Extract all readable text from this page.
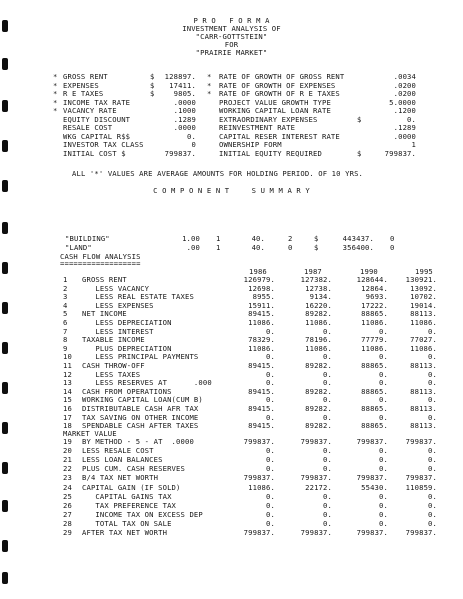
P R O   F O R M A
INVESTMENT ANALYSIS OF
"CARR-GOTTSTEIN"
FOR
"PRAIRIE MARKET"
* GROSS RENT	$	128897.
* EXPENSES	$	17411.
* R E TAXES	$	9805.
* INCOME TAX RATE	.0000
* VACANCY RATE	.1000
EQUITY DISCOUNT	.1289
RESALE COST	.0000
WKG CAPITAL R$$	0.
INVESTOR TAX CLASS	0
INITIAL COST $	799837.
* RATE OF GROWTH OF GROSS RENT	.0034
* RATE OF GROWTH OF EXPENSES	.0200
* RATE OF GROWTH OF R E TAXES	.0200
PROJECT VALUE GROWTH TYPE	5.0000
WORKING CAPITAL LOAN RATE	.1200
EXTRAORDINARY EXPENSES	$	0.
REINVESTMENT RATE	.1289
CAPITAL RESER INTEREST RATE	.0000
OWNERSHIP FORM	1
INITIAL EQUITY REQUIRED	$	799837.
ALL '*' VALUES ARE AVERAGE AMOUNTS FOR HOLDING PERIOD. OF 10 YRS.
C O M P O N E N T     S U M M A R Y
"BUILDING"	1.00 1	40.	2	$	443437. 0
"LAND"	.00 1	40.	0	$	356400. 0
CASH FLOW ANALYSIS
==================
1986	1987	1990	1995
1 GROSS RENT	126979.	127382.	128644.	130921.
2 LESS VACANCY	12698.	12738.	12864.	13092.
3 LESS REAL ESTATE TAXES	8955.	9134.	9693.	10702.
4 LESS EXPENSES	15911.	16220.	17222.	19014.
5 NET INCOME	89415.	89282.	88865.	88113.
6 LESS DEPRECIATION	11086.	11086.	11086.	11086.
7 LESS INTEREST	0.	0.	0.	0.
8 TAXABLE INCOME	78329.	78196.	77779.	77027.
9 PLUS DEPRECIATION	11086.	11086.	11086.	11086.
10 LESS PRINCIPAL PAYMENTS	0.	0.	0.	0.
11 CASH THROW-OFF	89415.	89282.	88865.	88113.
12 LESS TAXES	0.	0.	0.	0.
13 LESS RESERVES AT      .000	0.	0.	0.	0.
14 CASH FROM OPERATIONS	89415.	89282.	88865.	88113.
15 WORKING CAPITAL LOAN(CUM B)	0.	0.	0.	0.
16 DISTRIBUTABLE CASH AFR TAX	89415.	89282.	88865.	88113.
17 TAX SAVING ON OTHER INCOME	0.	0.	0.	0.
18 SPENDABLE CASH AFTER TAXES	89415.	89282.	88865.	88113.
MARKET VALUE
19 BY METHOD - 5 - AT  .0000	799837.	799837.	799837.	799837.
20 LESS RESALE COST	0.	0.	0.	0.
21 LESS LOAN BALANCES	0.	0.	0.	0.
22 PLUS CUM. CASH RESERVES	0.	0.	0.	0.
23 B/4 TAX NET WORTH	799837.	799837.	799837.	799837.
24 CAPITAL GAIN (IF SOLD)	11086.	22172.	55430.	110859.
25 CAPITAL GAINS TAX	0.	0.	0.	0.
26 TAX PREFERENCE TAX	0.	0.	0.	0.
27 INCOME TAX ON EXCESS DEP	0.	0.	0.	0.
28 TOTAL TAX ON SALE	0.	0.	0.	0.
29 AFTER TAX NET WORTH	799837.	799837.	799837.	799837.
